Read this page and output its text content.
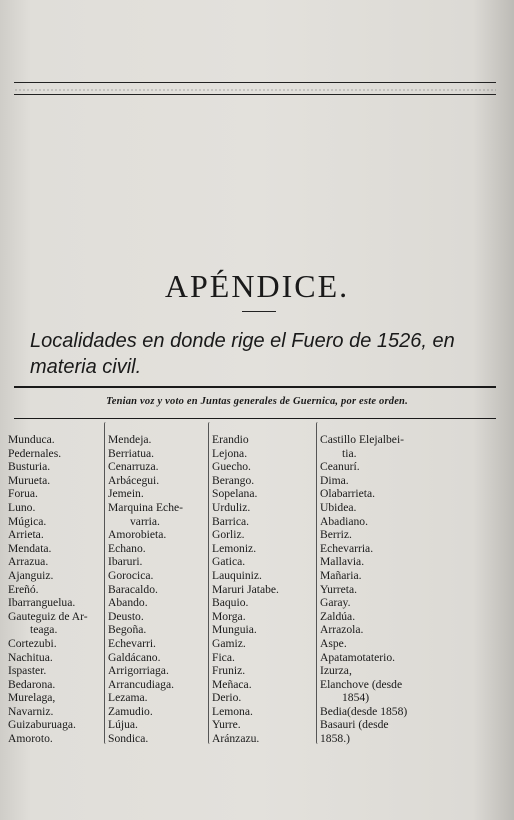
APÉNDICE.
Localidades en donde rige el Fuero de 1526, en materia civil.
Tenian voz y voto en Juntas generales de Guernica, por este orden.
Munduca.
Pedernales.
Busturia.
Murueta.
Forua.
Luno.
Múgica.
Arrieta.
Mendata.
Arrazua.
Ajanguiz.
Ereñó.
Ibarranguelua.
Gauteguiz de Ar-
teaga.
Cortezubi.
Nachitua.
Ispaster.
Bedarona.
Murelaga,
Navarniz.
Guizaburuaga.
Amoroto.
Mendeja.
Berriatua.
Cenarruza.
Arbácegui.
Jemein.
Marquina Eche-
varria.
Amorobieta.
Echano.
Ibaruri.
Gorocica.
Baracaldo.
Abando.
Deusto.
Begoña.
Echevarri.
Galdácano.
Arrigorriaga.
Arrancudiaga.
Lezama.
Zamudio.
Lújua.
Sondica.
Erandio
Lejona.
Guecho.
Berango.
Sopelana.
Urduliz.
Barrica.
Gorliz.
Lemoniz.
Gatica.
Lauquiniz.
Maruri Jatabe.
Baquio.
Morga.
Munguia.
Gamiz.
Fica.
Fruniz.
Meñaca.
Derio.
Lemona.
Yurre.
Aránzazu.
Castillo Elejalbei-
tia.
Ceanurí.
Dima.
Olabarrieta.
Ubidea.
Abadiano.
Berriz.
Echevarria.
Mallavia.
Mañaria.
Yurreta.
Garay.
Zaldúa.
Arrazola.
Aspe.
Apatamotaterio.
Izurza,
Elanchove (desde
1854)
Bedia(desde 1858)
Basauri (desde
1858.)
